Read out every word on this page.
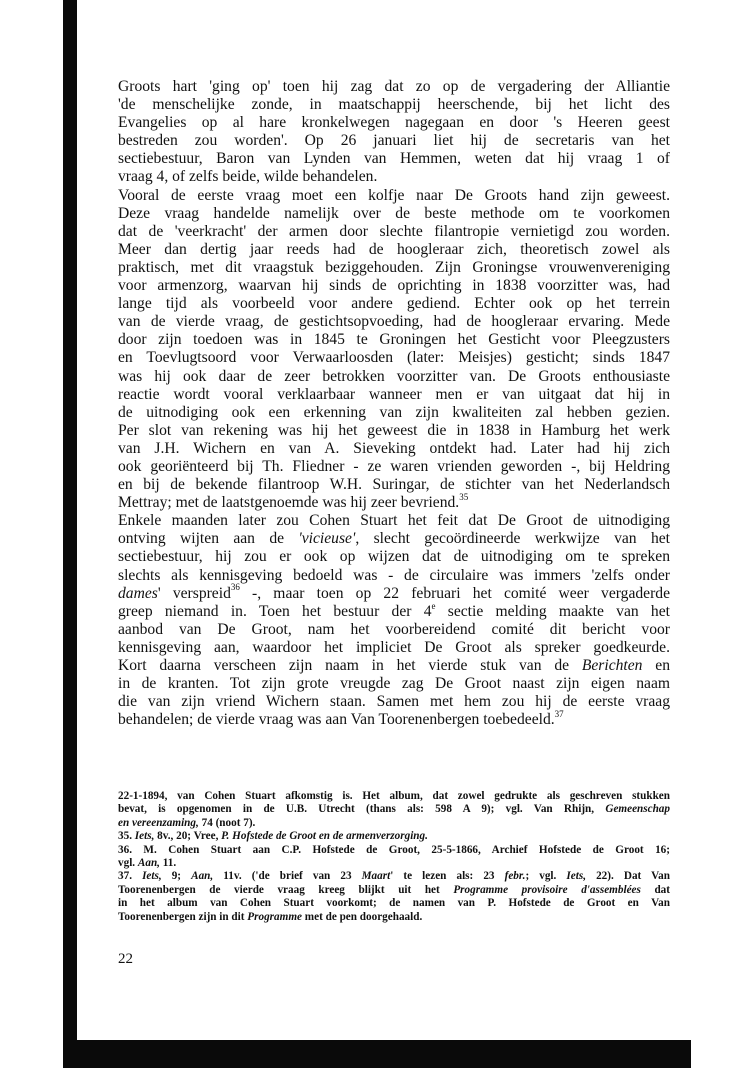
Groots hart 'ging op' toen hij zag dat zo op de vergadering der Alliantie
'de menschelijke zonde, in maatschappij heerschende, bij het licht des
Evangelies op al hare kronkelwegen nagegaan en door 's Heeren geest
bestreden zou worden'. Op 26 januari liet hij de secretaris van het
sectiebestuur, Baron van Lynden van Hemmen, weten dat hij vraag 1 of
vraag 4, of zelfs beide, wilde behandelen.
Vooral de eerste vraag moet een kolfje naar De Groots hand zijn geweest.
Deze vraag handelde namelijk over de beste methode om te voorkomen
dat de 'veerkracht' der armen door slechte filantropie vernietigd zou worden.
Meer dan dertig jaar reeds had de hoogleraar zich, theoretisch zowel als
praktisch, met dit vraagstuk beziggehouden. Zijn Groningse vrouwenvereniging
voor armenzorg, waarvan hij sinds de oprichting in 1838 voorzitter was, had
lange tijd als voorbeeld voor andere gediend. Echter ook op het terrein
van de vierde vraag, de gestichtsopvoeding, had de hoogleraar ervaring. Mede
door zijn toedoen was in 1845 te Groningen het Gesticht voor Pleegzusters
en Toevlugtsoord voor Verwaarloosden (later: Meisjes) gesticht; sinds 1847
was hij ook daar de zeer betrokken voorzitter van. De Groots enthousiaste
reactie wordt vooral verklaarbaar wanneer men er van uitgaat dat hij in
de uitnodiging ook een erkenning van zijn kwaliteiten zal hebben gezien.
Per slot van rekening was hij het geweest die in 1838 in Hamburg het werk
van J.H. Wichern en van A. Sieveking ontdekt had. Later had hij zich
ook georiënteerd bij Th. Fliedner - ze waren vrienden geworden -, bij Heldring
en bij de bekende filantroop W.H. Suringar, de stichter van het Nederlandsch
Mettray; met de laatstgenoemde was hij zeer bevriend.$^{35}$
Enkele maanden later zou Cohen Stuart het feit dat De Groot de uitnodiging
ontving wijten aan de 'vicieuse', slecht gecoördineerde werkwijze van het
sectiebestuur, hij zou er ook op wijzen dat de uitnodiging om te spreken
slechts als kennisgeving bedoeld was - de circulaire was immers 'zelfs onder
dames' verspreid$^{36}$ -, maar toen op 22 februari het comité weer vergaderde
greep niemand in. Toen het bestuur der 4e sectie melding maakte van het
aanbod van De Groot, nam het voorbereidend comité dit bericht voor
kennisgeving aan, waardoor het impliciet De Groot als spreker goedkeurde.
Kort daarna verscheen zijn naam in het vierde stuk van de Berichten en
in de kranten. Tot zijn grote vreugde zag De Groot naast zijn eigen naam
die van zijn vriend Wichern staan. Samen met hem zou hij de eerste vraag
behandelen; de vierde vraag was aan Van Toorenenbergen toebedeeld.$^{37}$
22-1-1894, van Cohen Stuart afkomstig is. Het album, dat zowel gedrukte als geschreven stukken
bevat, is opgenomen in de U.B. Utrecht (thans als: 598 A 9); vgl. Van Rhijn, Gemeenschap
en vereenzaming, 74 (noot 7).
35. Iets, 8v., 20; Vree, P. Hofstede de Groot en de armenverzorging.
36. M. Cohen Stuart aan C.P. Hofstede de Groot, 25-5-1866, Archief Hofstede de Groot 16;
vgl. Aan, 11.
37. Iets, 9; Aan, 11v. ('de brief van 23 Maart' te lezen als: 23 febr.; vgl. Iets, 22). Dat Van
Toorenenbergen de vierde vraag kreeg blijkt uit het Programme provisoire d'assemblées dat
in het album van Cohen Stuart voorkomt; de namen van P. Hofstede de Groot en Van
Toorenenbergen zijn in dit Programme met de pen doorgehaald.
22
